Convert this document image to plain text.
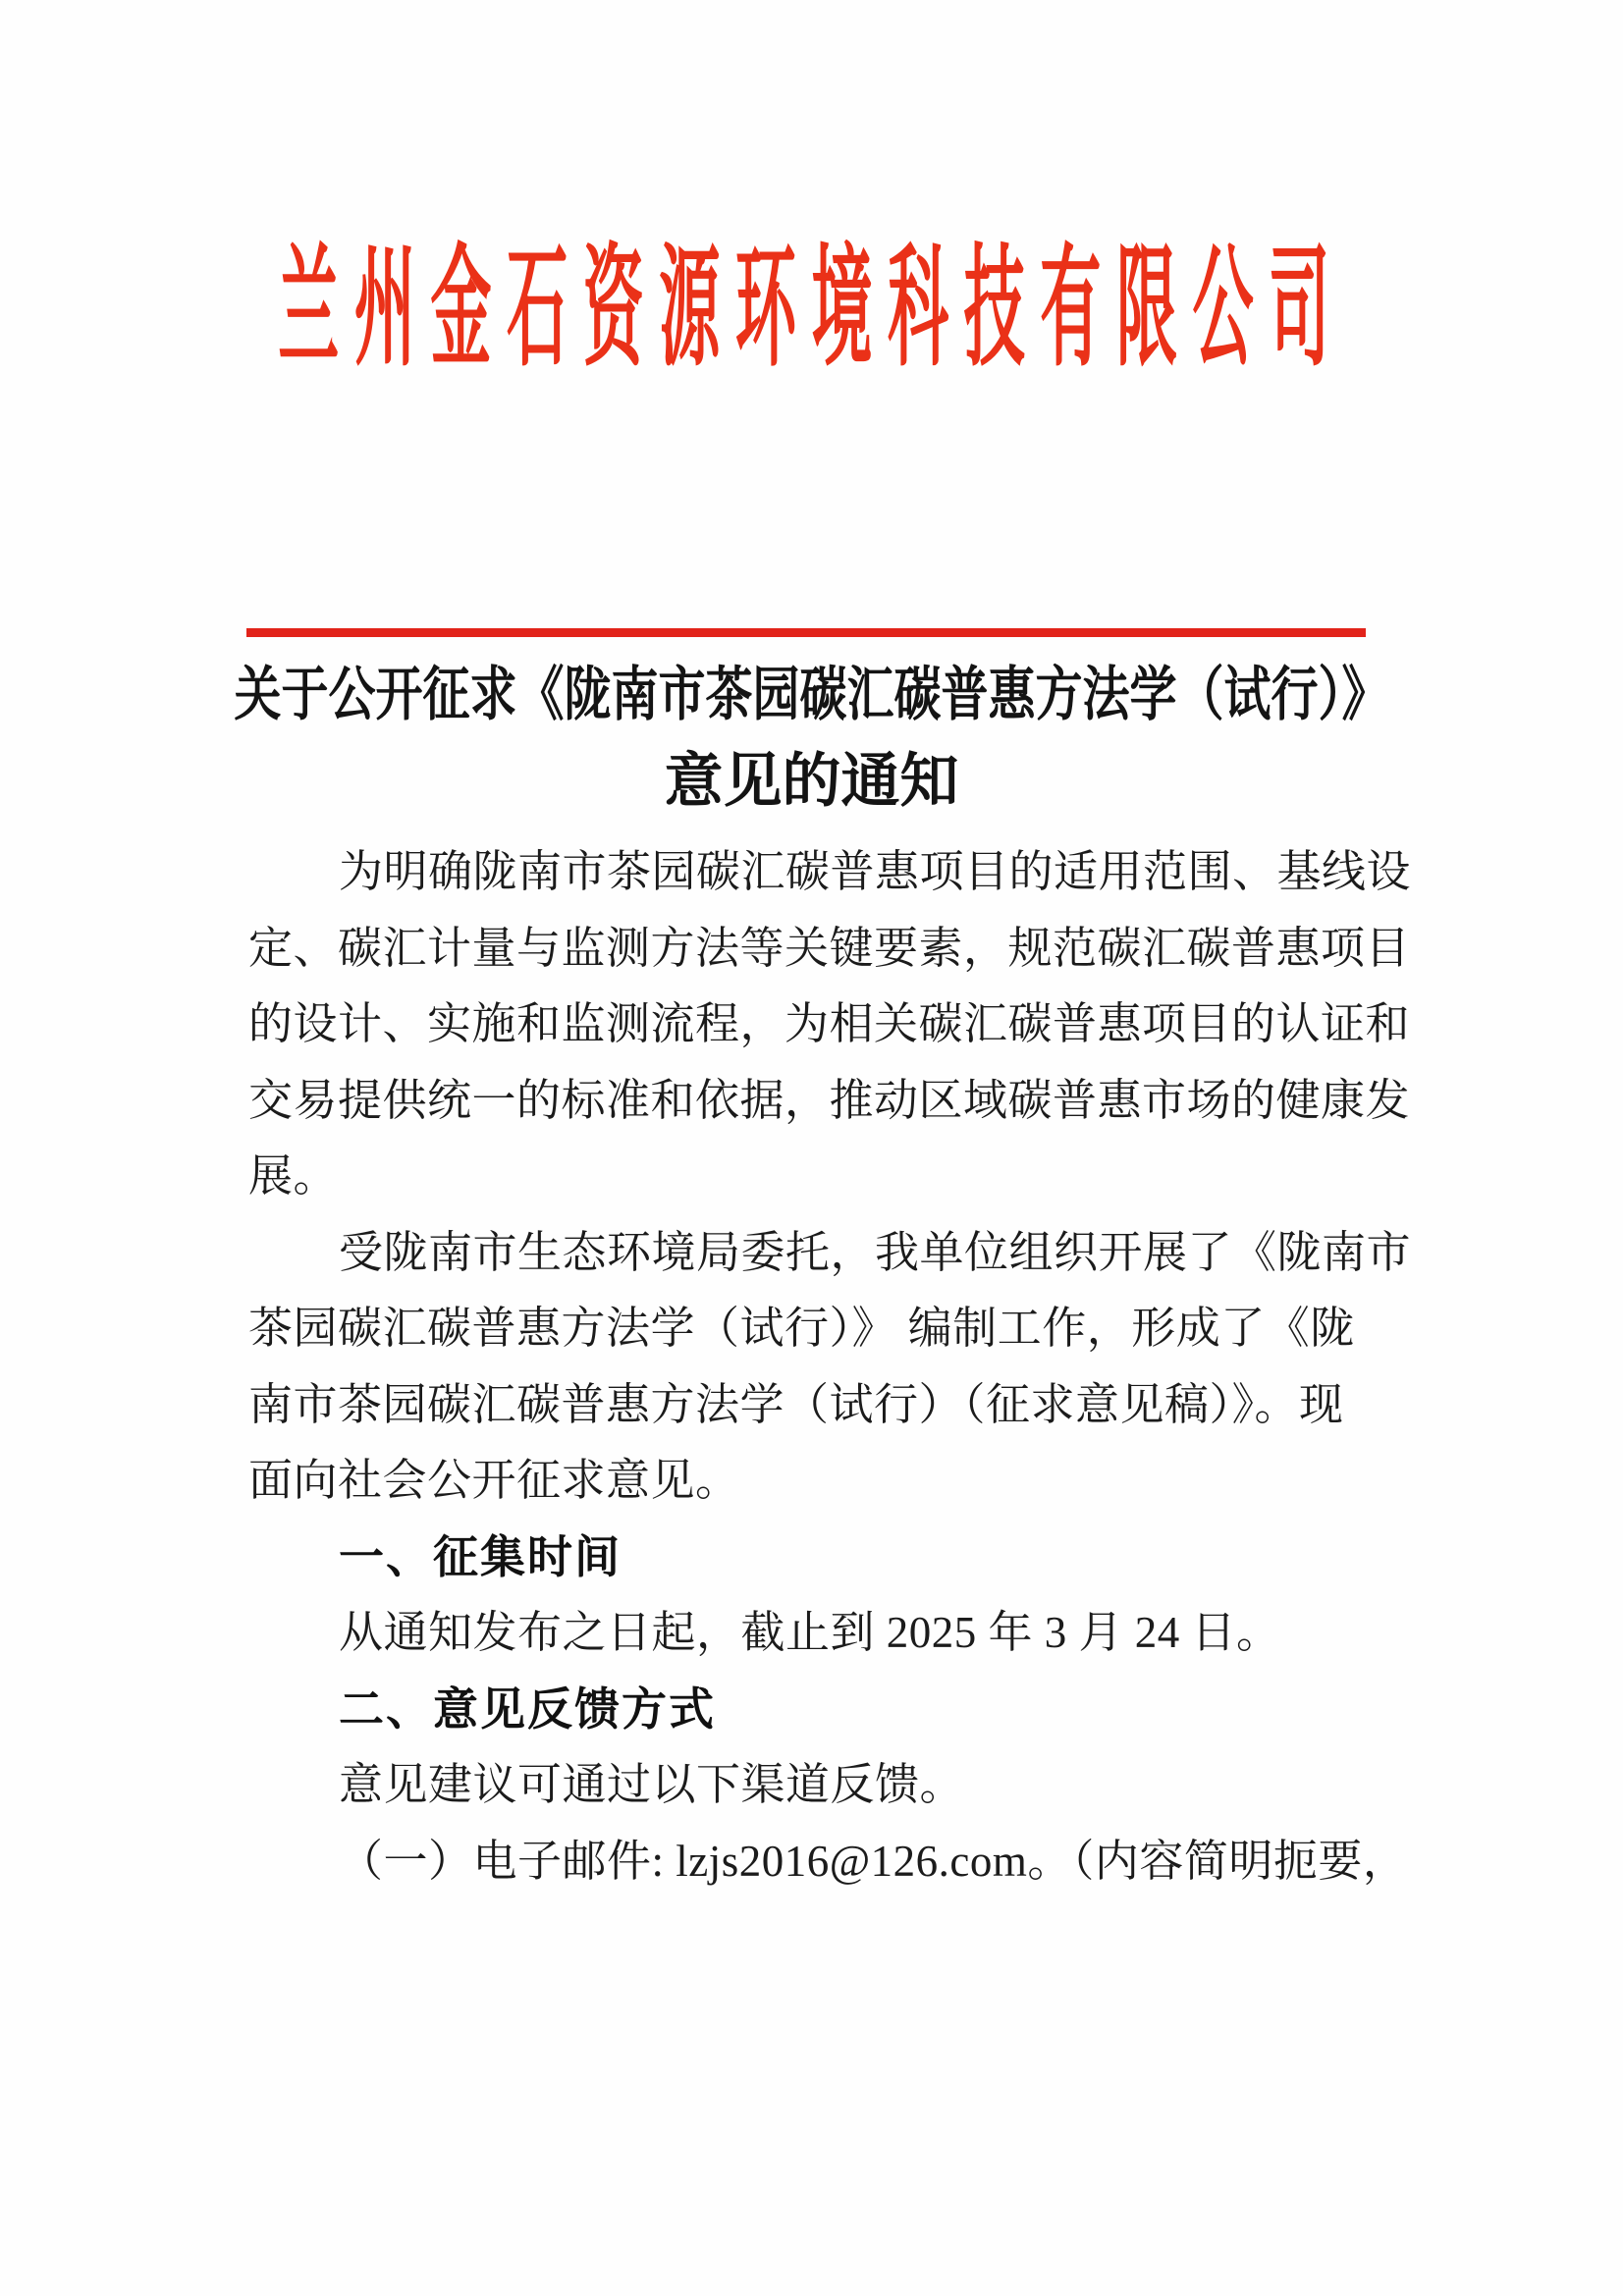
兰州金石资源环境科技有限公司
关于公开征求《陇南市茶园碳汇碳普惠方法学（试行）》
意见的通知
为明确陇南市茶园碳汇碳普惠项目的适用范围、基线设
定、碳汇计量与监测方法等关键要素，规范碳汇碳普惠项目
的设计、实施和监测流程，为相关碳汇碳普惠项目的认证和
交易提供统一的标准和依据，推动区域碳普惠市场的健康发
展。
受陇南市生态环境局委托，我单位组织开展了《陇南市
茶园碳汇碳普惠方法学（试行）》 编制工作，形成了《陇
南市茶园碳汇碳普惠方法学（试行）（征求意见稿）》。现
面向社会公开征求意见。
一、征集时间
从通知发布之日起，截止到 2025 年 3 月 24 日。
二、意见反馈方式
意见建议可通过以下渠道反馈。
（一）电子邮件: lzjs2016@126.com。（内容简明扼要，
